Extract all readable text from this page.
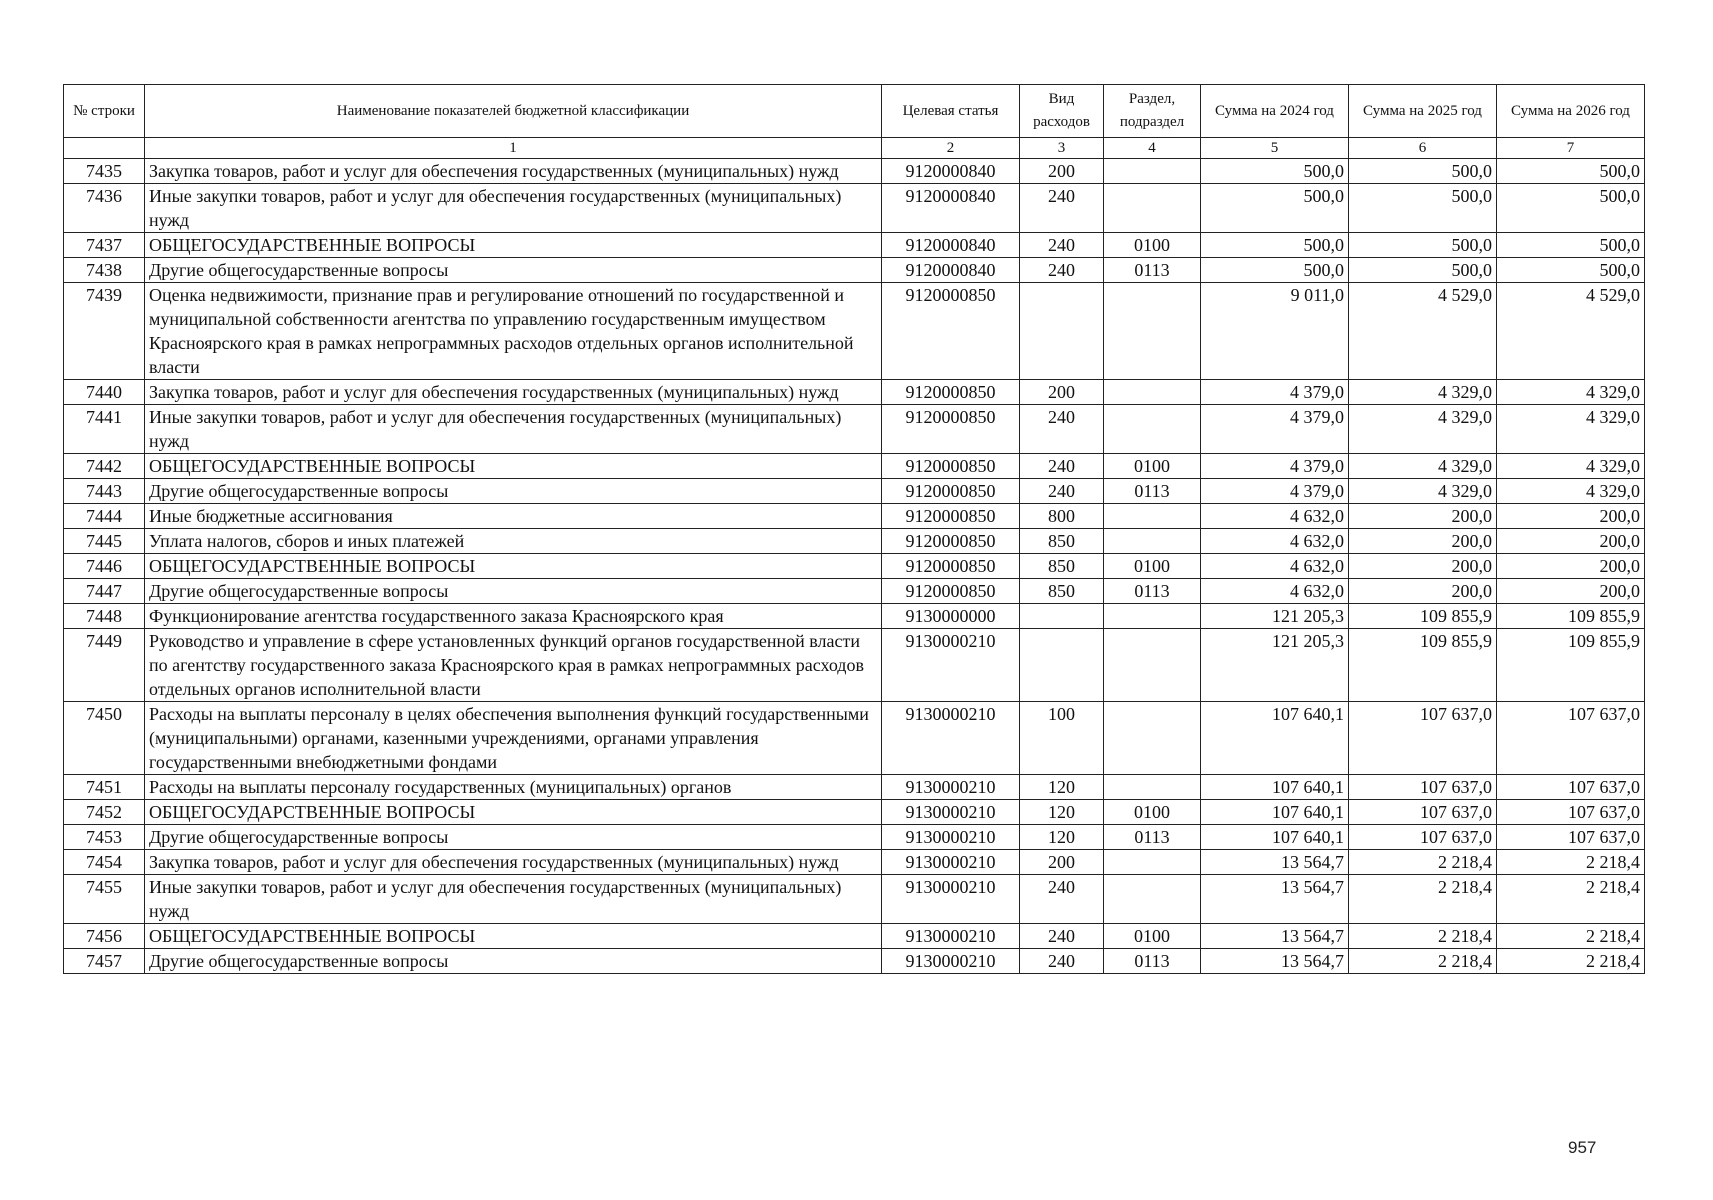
№ строки	Наименование показателей бюджетной классификации	Целевая статья	Вид расходов	Раздел, подраздел	Сумма на 2024 год	Сумма на 2025 год	Сумма на 2026 год
	1	2	3	4	5	6	7
7435	Закупка товаров, работ и услуг для обеспечения государственных (муниципальных) нужд	9120000840	200		500,0	500,0	500,0
7436	Иные закупки товаров, работ и услуг для обеспечения государственных (муниципальных) нужд	9120000840	240		500,0	500,0	500,0
7437	ОБЩЕГОСУДАРСТВЕННЫЕ ВОПРОСЫ	9120000840	240	0100	500,0	500,0	500,0
7438	Другие общегосударственные вопросы	9120000840	240	0113	500,0	500,0	500,0
7439	Оценка недвижимости, признание прав и регулирование отношений по государственной и муниципальной собственности агентства по управлению государственным имуществом Красноярского края в рамках непрограммных расходов отдельных органов исполнительной власти	9120000850			9 011,0	4 529,0	4 529,0
7440	Закупка товаров, работ и услуг для обеспечения государственных (муниципальных) нужд	9120000850	200		4 379,0	4 329,0	4 329,0
7441	Иные закупки товаров, работ и услуг для обеспечения государственных (муниципальных) нужд	9120000850	240		4 379,0	4 329,0	4 329,0
7442	ОБЩЕГОСУДАРСТВЕННЫЕ ВОПРОСЫ	9120000850	240	0100	4 379,0	4 329,0	4 329,0
7443	Другие общегосударственные вопросы	9120000850	240	0113	4 379,0	4 329,0	4 329,0
7444	Иные бюджетные ассигнования	9120000850	800		4 632,0	200,0	200,0
7445	Уплата налогов, сборов и иных платежей	9120000850	850		4 632,0	200,0	200,0
7446	ОБЩЕГОСУДАРСТВЕННЫЕ ВОПРОСЫ	9120000850	850	0100	4 632,0	200,0	200,0
7447	Другие общегосударственные вопросы	9120000850	850	0113	4 632,0	200,0	200,0
7448	Функционирование агентства государственного заказа Красноярского края	9130000000			121 205,3	109 855,9	109 855,9
7449	Руководство и управление в сфере установленных функций органов государственной власти по агентству государственного заказа Красноярского края в рамках непрограммных расходов отдельных органов исполнительной власти	9130000210			121 205,3	109 855,9	109 855,9
7450	Расходы на выплаты персоналу в целях обеспечения выполнения функций государственными (муниципальными) органами, казенными учреждениями, органами управления государственными внебюджетными фондами	9130000210	100		107 640,1	107 637,0	107 637,0
7451	Расходы на выплаты персоналу государственных (муниципальных) органов	9130000210	120		107 640,1	107 637,0	107 637,0
7452	ОБЩЕГОСУДАРСТВЕННЫЕ ВОПРОСЫ	9130000210	120	0100	107 640,1	107 637,0	107 637,0
7453	Другие общегосударственные вопросы	9130000210	120	0113	107 640,1	107 637,0	107 637,0
7454	Закупка товаров, работ и услуг для обеспечения государственных (муниципальных) нужд	9130000210	200		13 564,7	2 218,4	2 218,4
7455	Иные закупки товаров, работ и услуг для обеспечения государственных (муниципальных) нужд	9130000210	240		13 564,7	2 218,4	2 218,4
7456	ОБЩЕГОСУДАРСТВЕННЫЕ ВОПРОСЫ	9130000210	240	0100	13 564,7	2 218,4	2 218,4
7457	Другие общегосударственные вопросы	9130000210	240	0113	13 564,7	2 218,4	2 218,4
957
